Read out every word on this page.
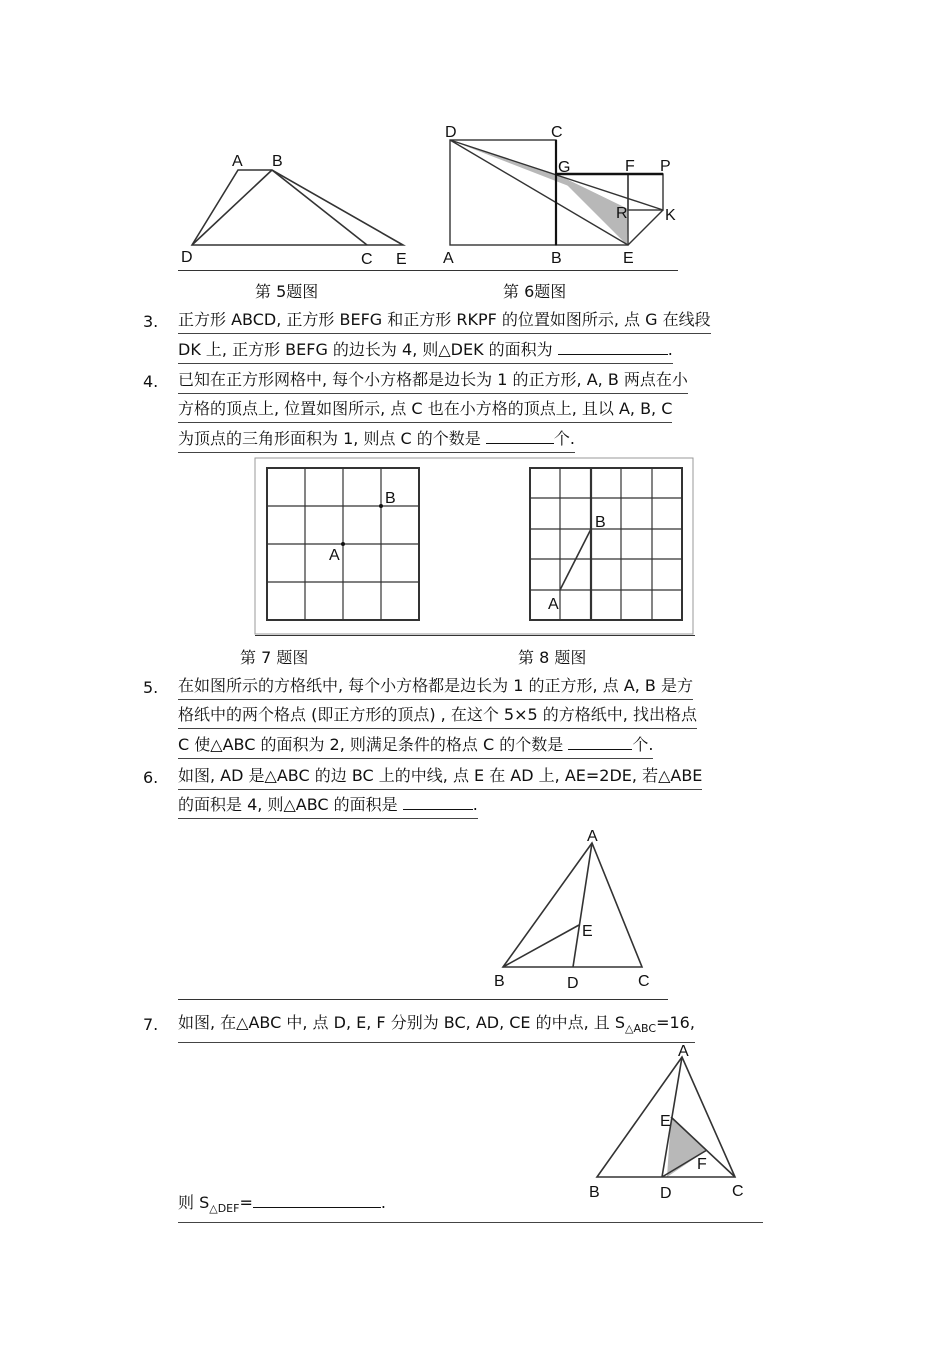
A B
D	C E
D	C
G	F P
R K
A	B	E
第 5题图	第 6题图
3. 正方形 ABCD, 正方形 BEFG 和正方形 RKPF 的位置如图所示, 点 G 在线段
DK 上, 正方形 BEFG 的边长为 4, 则△DEK 的面积为	.
4. 已知在正方形网格中, 每个小方格都是边长为 1 的正方形, A, B 两点在小
方格的顶点上, 位置如图所示, 点 C 也在小方格的顶点上, 且以 A, B, C
为顶点的三角形面积为 1, 则点 C 的个数是	个.
B
A
B
A
第 7 题图	第 8 题图
5. 在如图所示的方格纸中, 每个小方格都是边长为 1 的正方形, 点 A, B 是方
格纸中的两个格点 (即正方形的顶点) , 在这个 5×5 的方格纸中, 找出格点
C 使△ABC 的面积为 2, 则满足条件的格点 C 的个数是	个.
6. 如图, AD 是△ABC 的边 BC 上的中线, 点 E 在 AD 上, AE=2DE, 若△ABE
的面积是 4, 则△ABC 的面积是	.
A
E
B	D	C
7. 如图, 在△ABC 中, 点 D, E, F 分别为 BC, AD, CE 的中点, 且 $S_{\triangle ABC}=16$,
A
E
F
B	D	C
则 $S_{\triangle DEF}=$	.
